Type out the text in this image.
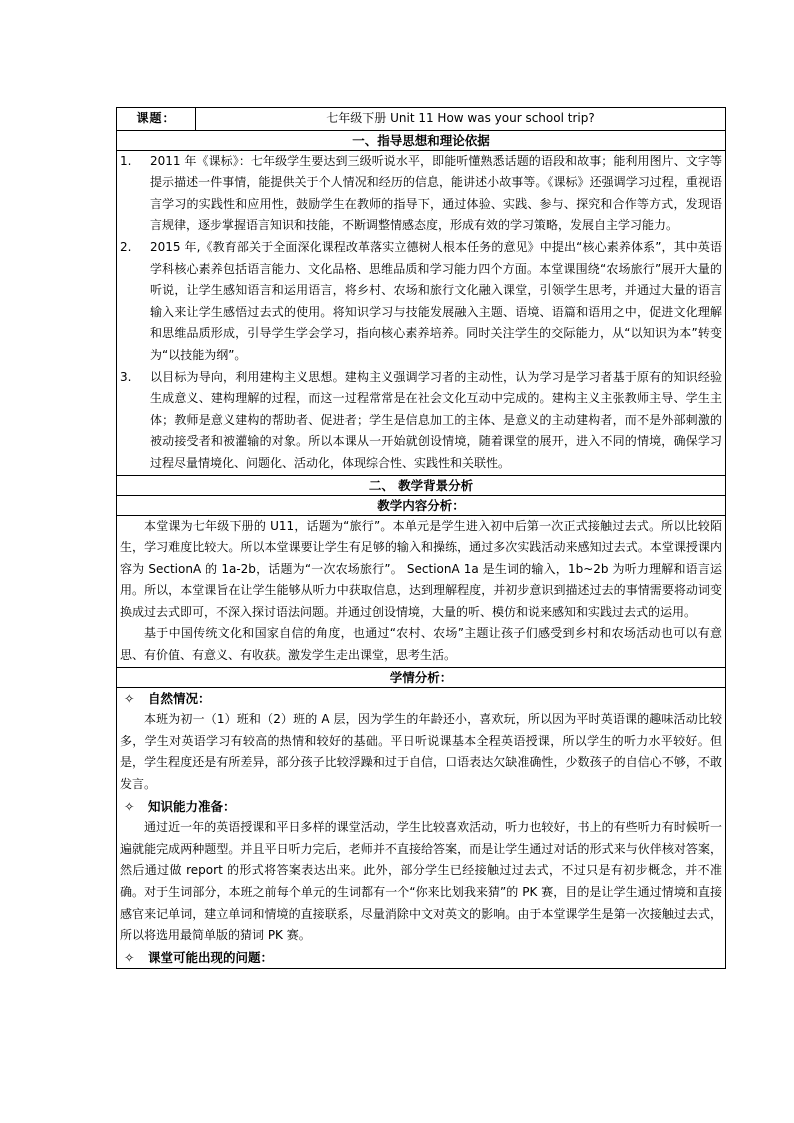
课题：	七年级下册 Unit 11 How was your school trip?
一、指导思想和理论依据

1.	2011 年《课标》：七年级学生要达到三级听说水平，即能听懂熟悉话题的语段和故事；能利用图片、文字等提示描述一件事情，能提供关于个人情况和经历的信息，能讲述小故事等。《课标》还强调学习过程，重视语言学习的实践性和应用性，鼓励学生在教师的指导下，通过体验、实践、参与、探究和合作等方式，发现语言规律，逐步掌握语言知识和技能，不断调整情感态度，形成有效的学习策略，发展自主学习能力。
2.	2015 年,《教育部关于全面深化课程改革落实立德树人根本任务的意见》中提出“核心素养体系”，其中英语学科核心素养包括语言能力、文化品格、思维品质和学习能力四个方面。本堂课围绕“农场旅行”展开大量的听说，让学生感知语言和运用语言，将乡村、农场和旅行文化融入课堂，引领学生思考，并通过大量的语言输入来让学生感悟过去式的使用。将知识学习与技能发展融入主题、语境、语篇和语用之中，促进文化理解和思维品质形成，引导学生学会学习，指向核心素养培养。同时关注学生的交际能力，从“以知识为本”转变为“以技能为纲”。
3.	以目标为导向，利用建构主义思想。建构主义强调学习者的主动性，认为学习是学习者基于原有的知识经验生成意义、建构理解的过程，而这一过程常常是在社会文化互动中完成的。建构主义主张教师主导、学生主体；教师是意义建构的帮助者、促进者；学生是信息加工的主体、是意义的主动建构者，而不是外部刺激的被动接受者和被灌输的对象。所以本课从一开始就创设情境，随着课堂的展开，进入不同的情境，确保学习过程尽量情境化、问题化、活动化，体现综合性、实践性和关联性。

二、 教学背景分析
教学内容分析：

本堂课为七年级下册的 U11，话题为“旅行”。本单元是学生进入初中后第一次正式接触过去式。所以比较陌生，学习难度比较大。所以本堂课要让学生有足够的输入和操练，通过多次实践活动来感知过去式。本堂课授课内容为 SectionA 的 1a-2b，话题为“一次农场旅行”。 SectionA 1a 是生词的输入，1b~2b 为听力理解和语言运用。所以，本堂课旨在让学生能够从听力中获取信息，达到理解程度，并初步意识到描述过去的事情需要将动词变换成过去式即可，不深入探讨语法问题。并通过创设情境，大量的听、模仿和说来感知和实践过去式的运用。
基于中国传统文化和国家自信的角度，也通过“农村、农场”主题让孩子们感受到乡村和农场活动也可以有意思、有价值、有意义、有收获。激发学生走出课堂，思考生活。

学情分析：

✧	自然情况：
本班为初一（1）班和（2）班的 A 层，因为学生的年龄还小，喜欢玩，所以因为平时英语课的趣味活动比较多，学生对英语学习有较高的热情和较好的基础。平日听说课基本全程英语授课，所以学生的听力水平较好。但是，学生程度还是有所差异，部分孩子比较浮躁和过于自信，口语表达欠缺准确性，少数孩子的自信心不够，不敢发言。
✧	知识能力准备：
通过近一年的英语授课和平日多样的课堂活动，学生比较喜欢活动，听力也较好，书上的有些听力有时候听一遍就能完成两种题型。并且平日听力完后，老师并不直接给答案，而是让学生通过对话的形式来与伙伴核对答案，然后通过做 report 的形式将答案表达出来。此外，部分学生已经接触过过去式，不过只是有初步概念，并不准确。对于生词部分，本班之前每个单元的生词都有一个“你来比划我来猜”的 PK 赛，目的是让学生通过情境和直接感官来记单词，建立单词和情境的直接联系，尽量消除中文对英文的影响。由于本堂课学生是第一次接触过去式，所以将选用最简单版的猜词 PK 赛。
✧	课堂可能出现的问题：
